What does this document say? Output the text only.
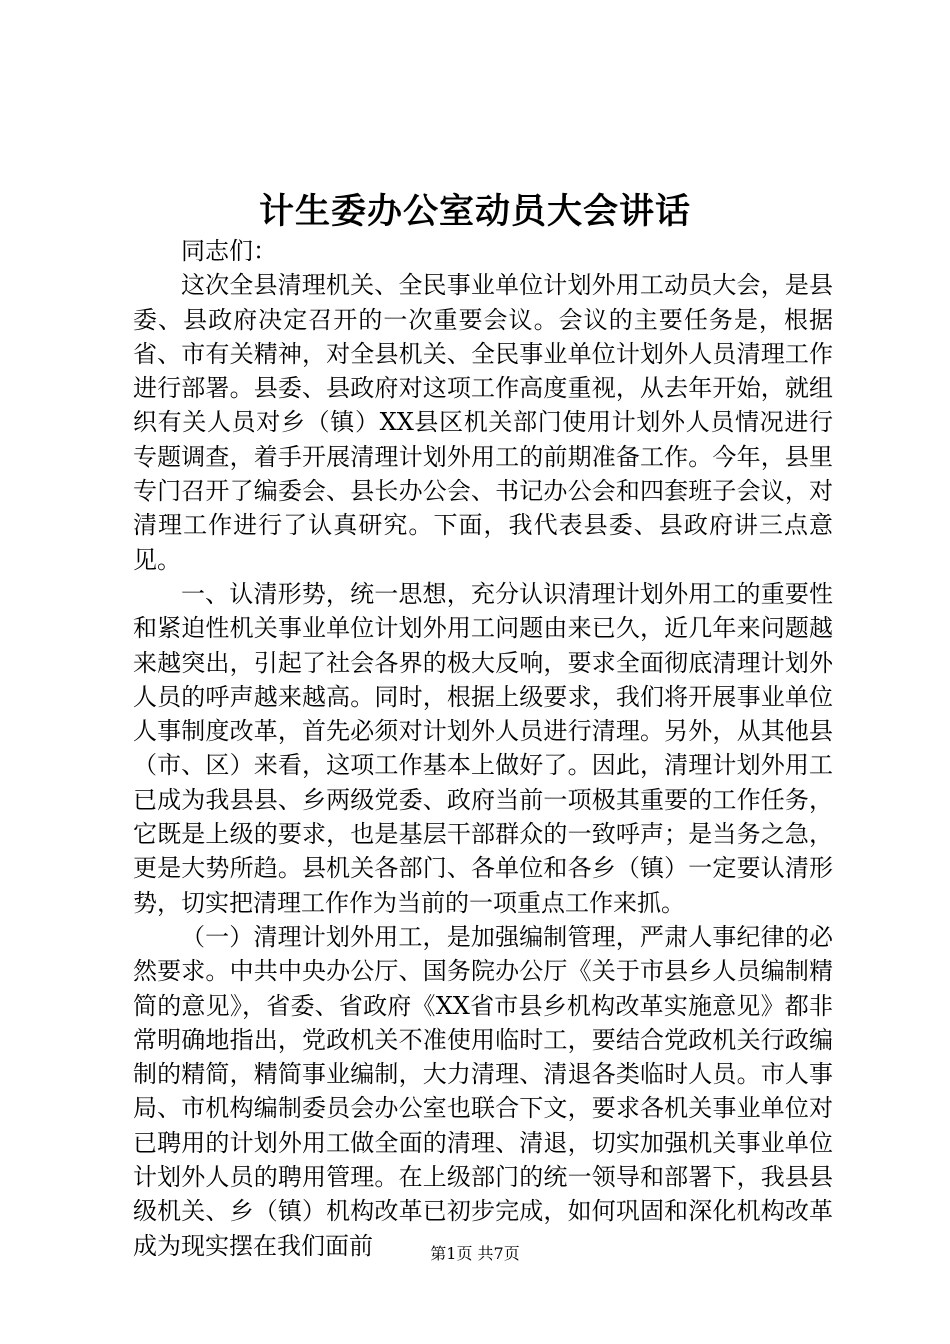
计生委办公室动员大会讲话

同志们：

这次全县清理机关、全民事业单位计划外用工动员大会，是县委、县政府决定召开的一次重要会议。会议的主要任务是，根据省、市有关精神，对全县机关、全民事业单位计划外人员清理工作进行部署。县委、县政府对这项工作高度重视，从去年开始，就组织有关人员对乡（镇）XX县区机关部门使用计划外人员情况进行专题调查，着手开展清理计划外用工的前期准备工作。今年，县里专门召开了编委会、县长办公会、书记办公会和四套班子会议，对清理工作进行了认真研究。下面，我代表县委、县政府讲三点意见。

一、认清形势，统一思想，充分认识清理计划外用工的重要性和紧迫性机关事业单位计划外用工问题由来已久，近几年来问题越来越突出，引起了社会各界的极大反响，要求全面彻底清理计划外人员的呼声越来越高。同时，根据上级要求，我们将开展事业单位人事制度改革，首先必须对计划外人员进行清理。另外，从其他县（市、区）来看，这项工作基本上做好了。因此，清理计划外用工已成为我县县、乡两级党委、政府当前一项极其重要的工作任务，它既是上级的要求，也是基层干部群众的一致呼声；是当务之急，更是大势所趋。县机关各部门、各单位和各乡（镇）一定要认清形势，切实把清理工作作为当前的一项重点工作来抓。

（一）清理计划外用工，是加强编制管理，严肃人事纪律的必然要求。中共中央办公厅、国务院办公厅《关于市县乡人员编制精简的意见》，省委、省政府《XX省市县乡机构改革实施意见》都非常明确地指出，党政机关不准使用临时工，要结合党政机关行政编制的精简，精简事业编制，大力清理、清退各类临时人员。市人事局、市机构编制委员会办公室也联合下文，要求各机关事业单位对已聘用的计划外用工做全面的清理、清退，切实加强机关事业单位计划外人员的聘用管理。在上级部门的统一领导和部署下，我县县级机关、乡（镇）机构改革已初步完成，如何巩固和深化机构改革成为现实摆在我们面前	第1页 共7页
